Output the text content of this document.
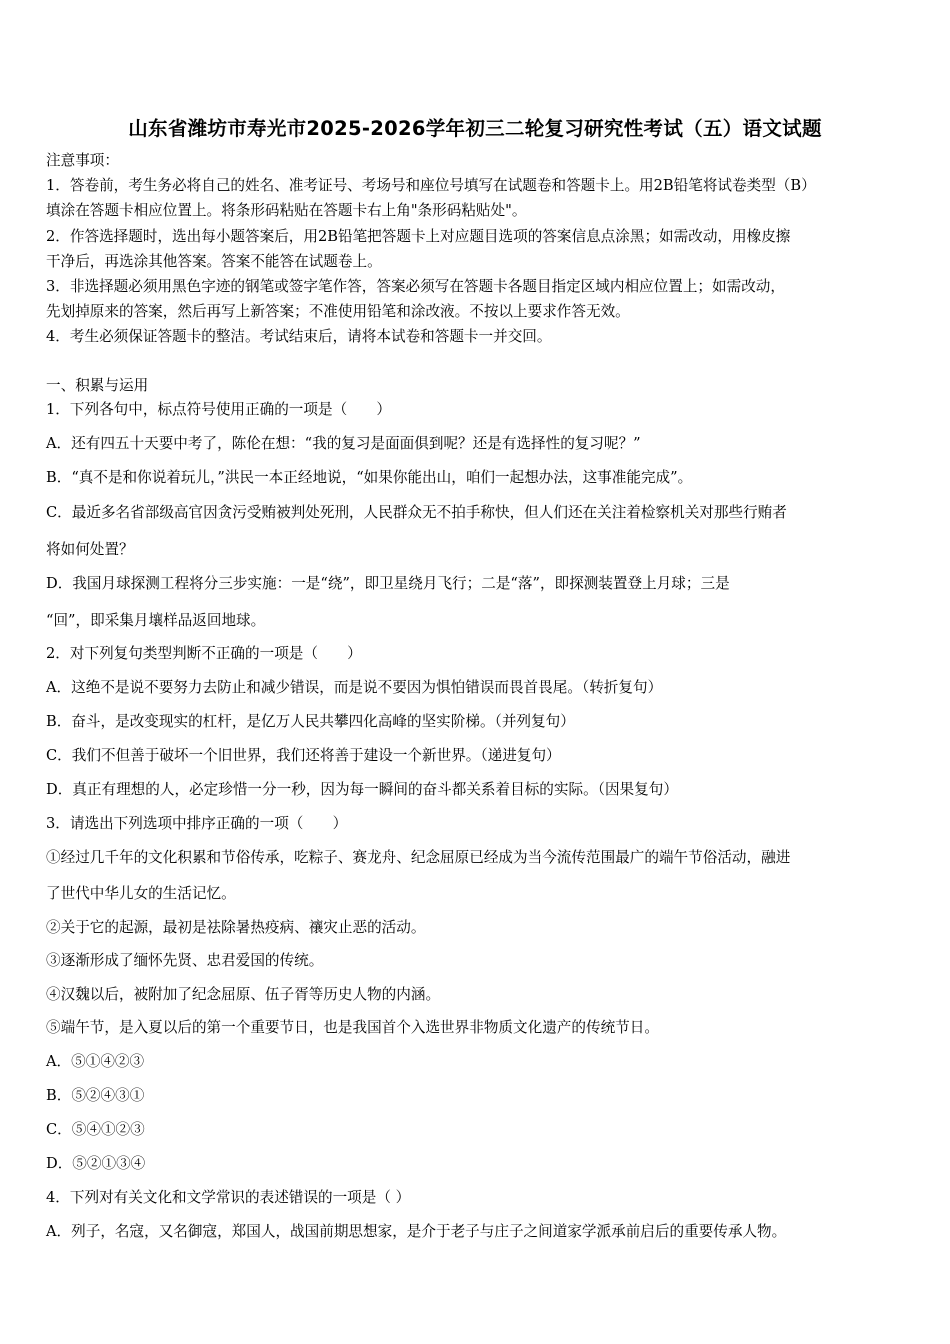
山东省潍坊市寿光市2025-2026学年初三二轮复习研究性考试（五）语文试题
注意事项：
1．答卷前，考生务必将自己的姓名、准考证号、考场号和座位号填写在试题卷和答题卡上。用2B铅笔将试卷类型（B）
填涂在答题卡相应位置上。将条形码粘贴在答题卡右上角"条形码粘贴处"。
2．作答选择题时，选出每小题答案后，用2B铅笔把答题卡上对应题目选项的答案信息点涂黑；如需改动，用橡皮擦
干净后，再选涂其他答案。答案不能答在试题卷上。
3．非选择题必须用黑色字迹的钢笔或签字笔作答，答案必须写在答题卡各题目指定区域内相应位置上；如需改动，
先划掉原来的答案，然后再写上新答案；不准使用铅笔和涂改液。不按以上要求作答无效。
4．考生必须保证答题卡的整洁。考试结束后，请将本试卷和答题卡一并交回。
一、积累与运用
1．下列各句中，标点符号使用正确的一项是（　　）
A．还有四五十天要中考了，陈伦在想：“我的复习是面面俱到呢？还是有选择性的复习呢？”
B．“真不是和你说着玩儿，”洪民一本正经地说，“如果你能出山，咱们一起想办法，这事准能完成”。
C．最近多名省部级高官因贪污受贿被判处死刑，人民群众无不拍手称快，但人们还在关注着检察机关对那些行贿者
将如何处置？
D．我国月球探测工程将分三步实施：一是“绕”，即卫星绕月飞行；二是“落”，即探测装置登上月球；三是
“回”，即采集月壤样品返回地球。
2．对下列复句类型判断不正确的一项是（　　）
A．这绝不是说不要努力去防止和减少错误，而是说不要因为惧怕错误而畏首畏尾。（转折复句）
B．奋斗，是改变现实的杠杆，是亿万人民共攀四化高峰的坚实阶梯。（并列复句）
C．我们不但善于破坏一个旧世界，我们还将善于建设一个新世界。（递进复句）
D．真正有理想的人，必定珍惜一分一秒，因为每一瞬间的奋斗都关系着目标的实际。（因果复句）
3．请选出下列选项中排序正确的一项（　　）
①经过几千年的文化积累和节俗传承，吃粽子、赛龙舟、纪念屈原已经成为当今流传范围最广的端午节俗活动，融进
了世代中华儿女的生活记忆。
②关于它的起源，最初是祛除暑热疫病、禳灾止恶的活动。
③逐渐形成了缅怀先贤、忠君爱国的传统。
④汉魏以后，被附加了纪念屈原、伍子胥等历史人物的内涵。
⑤端午节，是入夏以后的第一个重要节日，也是我国首个入选世界非物质文化遗产的传统节日。
A．⑤①④②③
B．⑤②④③①
C．⑤④①②③
D．⑤②①③④
4．下列对有关文化和文学常识的表述错误的一项是（ ）
A．列子，名寇，又名御寇，郑国人，战国前期思想家，是介于老子与庄子之间道家学派承前启后的重要传承人物。
